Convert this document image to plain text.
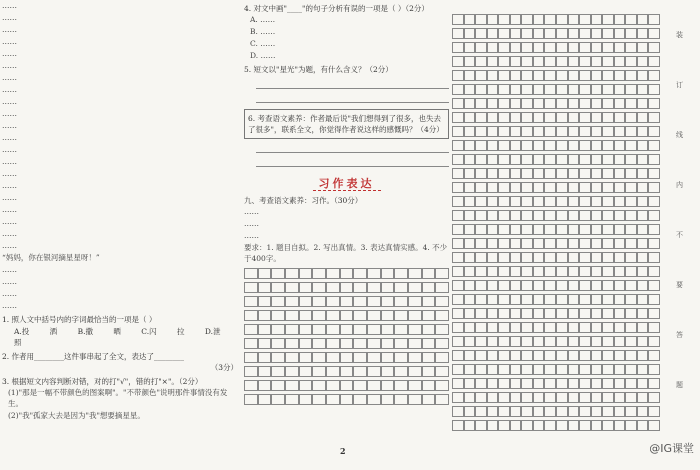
……

……

……

……

……

……

……

……

……

……

……

……

……

……

……

……

……

……

……

……

……

“妈妈，你在银河摘星星呀！”

……

……

……

……

1. 照人文中括号内的字词最恰当的一项是（ ）

A.投 洒 B.撒 晒 C.闪 拉 D.泄 照

2. 作者用________这件事串起了全文，表达了________

（3分）

3. 根据短文内容判断对错，对的打"√"，错的打"×"。（2分）

(1)"那是一幅不带颜色的图案啊"。"不带颜色"说明那件事情没有发生。

(2)"我"孤家大去是因为"我"想要摘星星。

4. 对文中画"____"的句子分析有误的一项是（ ）（2分）

A. ……

B. ……

C. ……

D. ……

5. 短文以"星光"为题，有什么含义？（2分）

6. 考查语文素养：作者最后说"我们想得到了很多，也失去了很多"，联系全文，你觉得作者说这样的感慨吗？（4分）

习作表达

九、考查语文素养：习作。（30分）

……

……

……

要求：1. 题目自拟。2. 写出真情。3. 表达真情实感。4. 不少于400字。

装
订
线
内
不
要
答
题
2	@IG课堂
